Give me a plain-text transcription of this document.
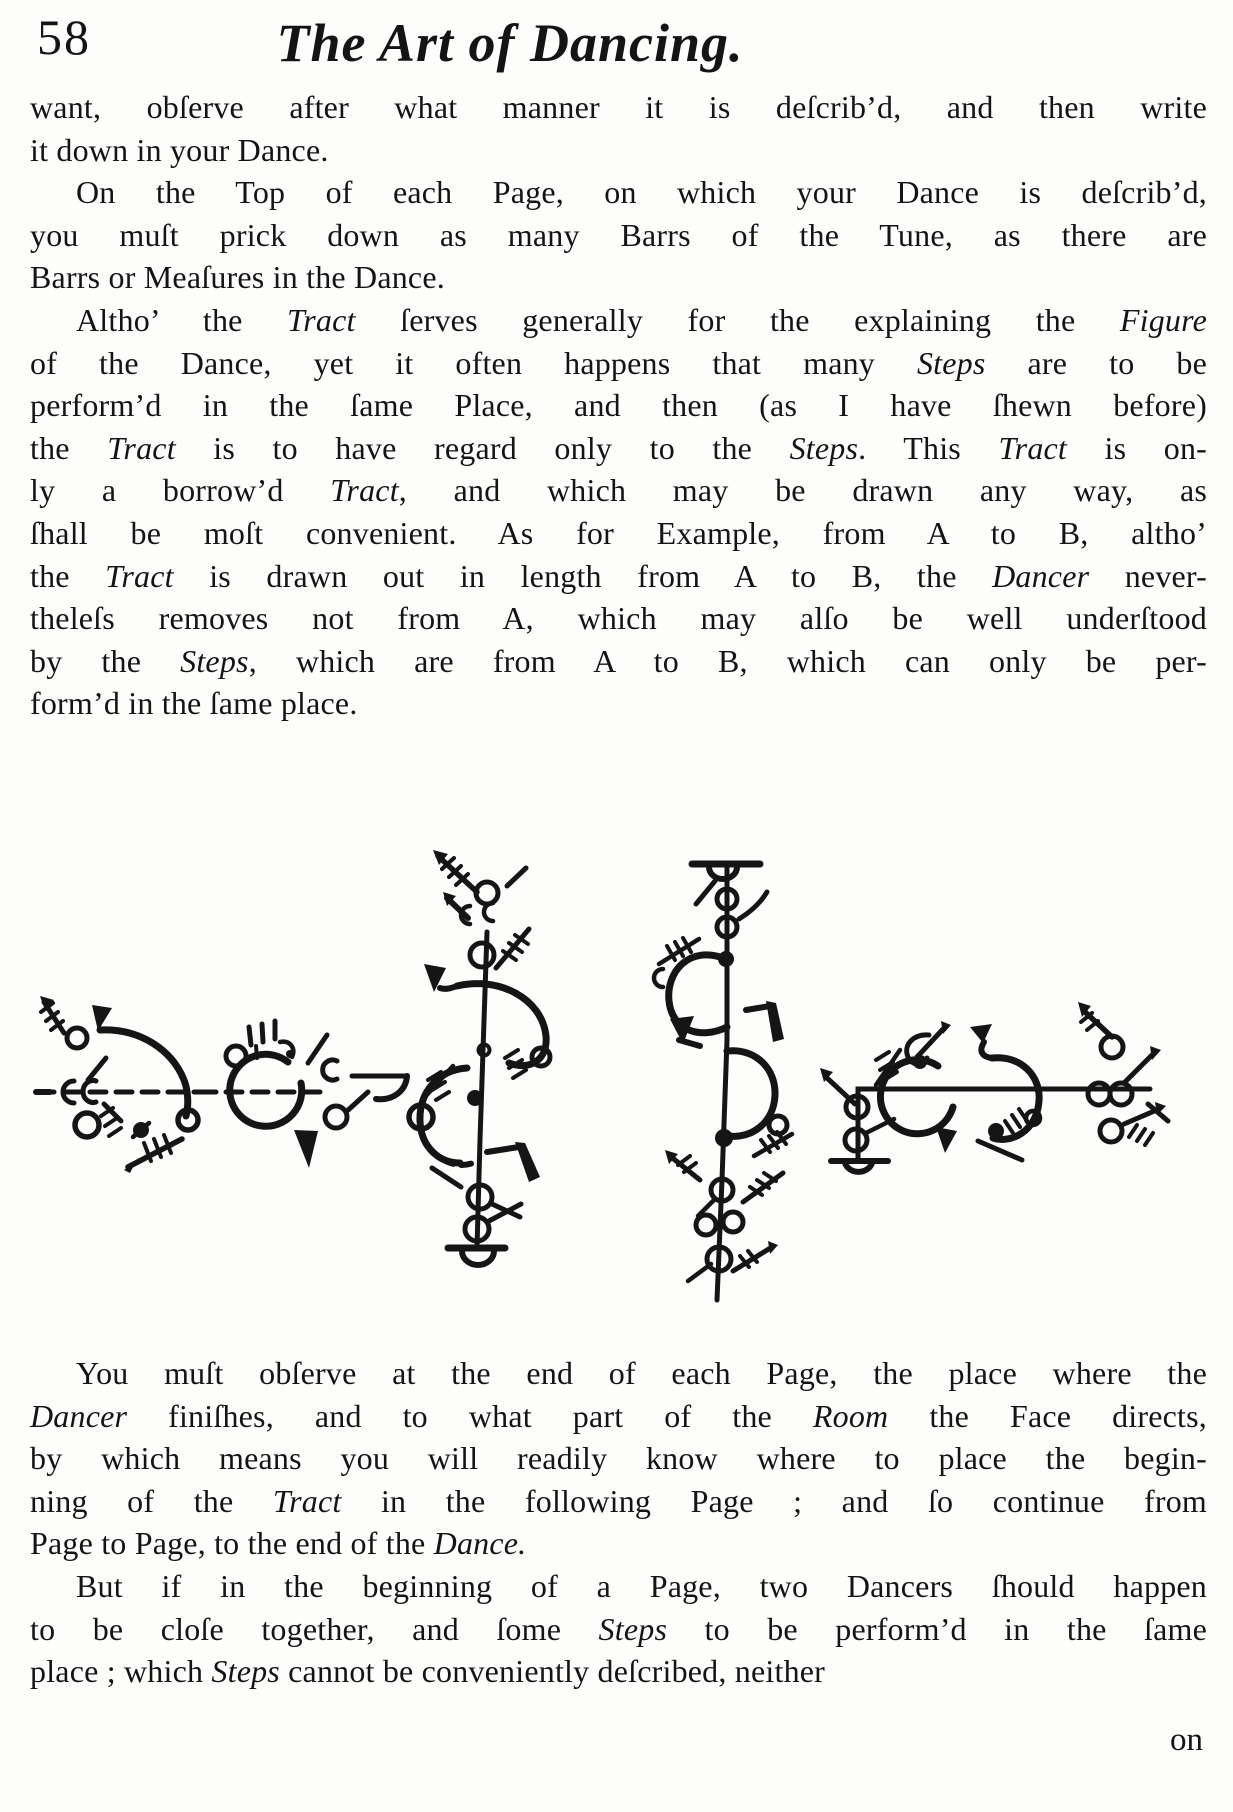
58	The Art of Dancing.
want, obſerve after what manner it is deſcrib’d, and then write
it down in your Dance.
On the Top of each Page, on which your Dance is deſcrib’d,
you muſt prick down as many Barrs of the Tune, as there are
Barrs or Meaſures in the Dance.
Altho’ the Tract ſerves generally for the explaining the Figure
of the Dance, yet it often happens that many Steps are to be
perform’d in the ſame Place, and then (as I have ſhewn before)
the Tract is to have regard only to the Steps. This Tract is on-
ly a borrow’d Tract, and which may be drawn any way, as
ſhall be moſt convenient. As for Example, from A to B, altho’
the Tract is drawn out in length from A to B, the Dancer never-
theleſs removes not from A, which may alſo be well underſtood
by the Steps, which are from A to B, which can only be per-
form’d in the ſame place.
You muſt obſerve at the end of each Page, the place where the
Dancer finiſhes, and to what part of the Room the Face directs,
by which means you will readily know where to place the begin-
ning of the Tract in the following Page ; and ſo continue from
Page to Page, to the end of the Dance.
But if in the beginning of a Page, two Dancers ſhould happen
to be cloſe together, and ſome Steps to be perform’d in the ſame
place ; which Steps cannot be conveniently deſcribed, neither
on
